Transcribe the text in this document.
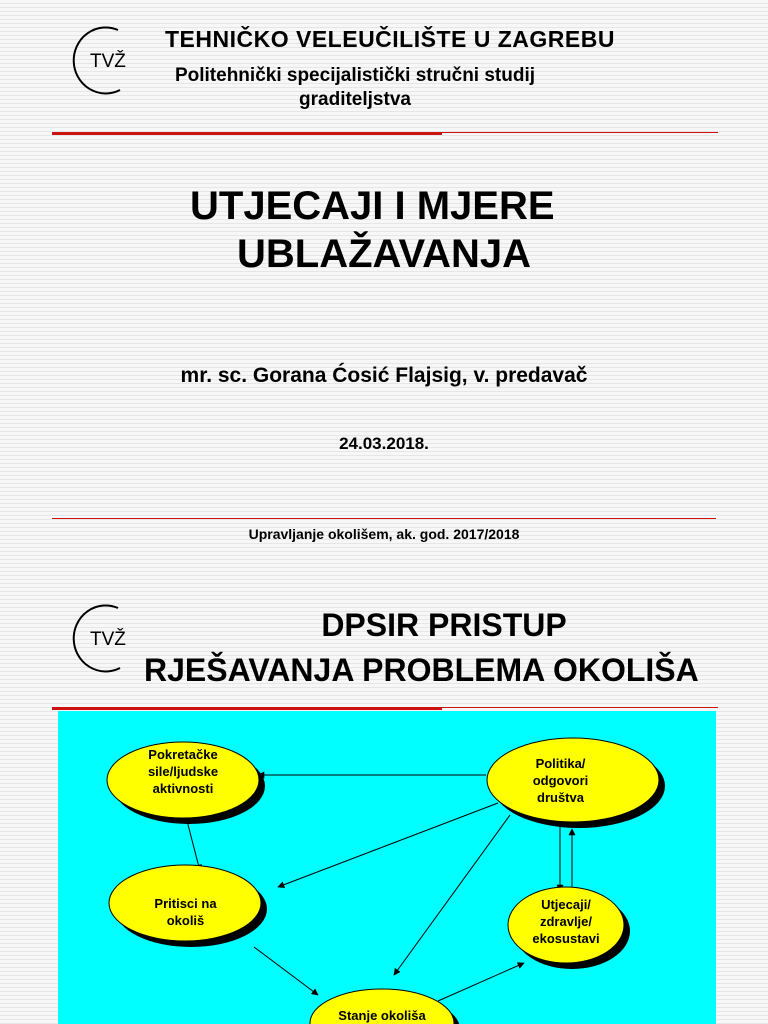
TVŽ
TEHNIČKO VELEUČILIŠTE U ZAGREBU
Politehnički specijalistički stručni studij graditeljstva
UTJECAJI I MJERE
UBLAŽAVANJA
mr. sc. Gorana Ćosić Flajsig, v. predavač
24.03.2018.
Upravljanje okolišem, ak. god. 2017/2018
TVŽ	DPSIR PRISTUP
RJEŠAVANJA PROBLEMA OKOLIŠA
Pokretačke sile/ljudske aktivnosti
Pritisci na okoliš
Utjecaji/ zdravlje/ ekosustavi
Politika/ odgovori društva
Stanje okoliša
